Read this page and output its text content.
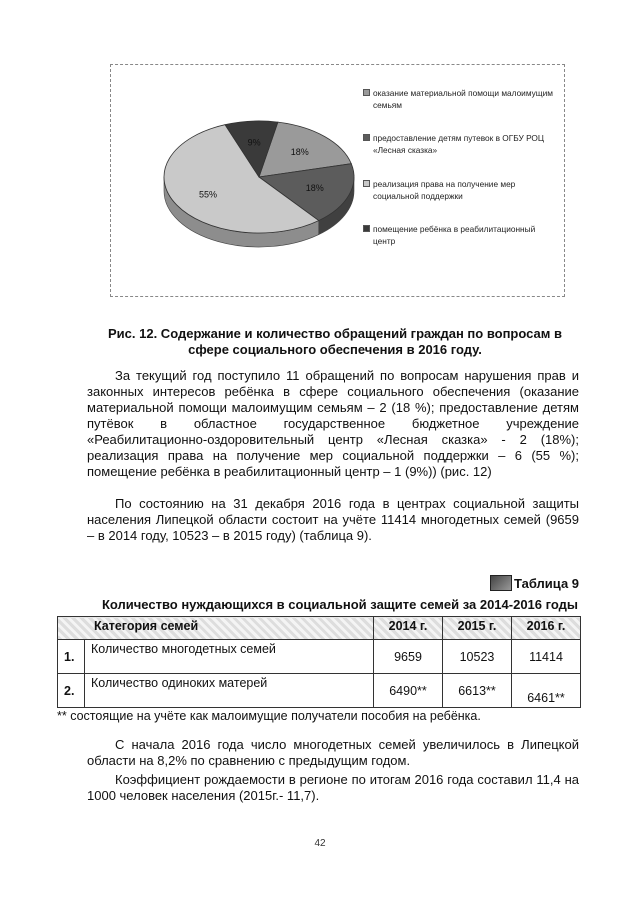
18%
18%
55%
9%
оказание материальной помощи малоимущим семьям
предоставление детям путевок в ОГБУ РОЦ «Лесная сказка»
реализация права на получение мер социальной поддержки
помещение ребёнка в реабилитационный центр
Рис. 12. Содержание и количество обращений граждан по вопросам в
сфере социального обеспечения в 2016 году.

За текущий год поступило 11 обращений по вопросам нарушения прав и законных интересов ребёнка в сфере социального обеспечения (оказание материальной помощи малоимущим семьям – 2 (18 %); предоставление детям путёвок в областное государственное бюджетное учреждение «Реабилитационно-оздоровительный центр «Лесная сказка» - 2 (18%); реализация права на получение мер социальной поддержки – 6 (55 %); помещение ребёнка в реабилитационный центр – 1 (9%)) (рис. 12)

По состоянию на 31 декабря 2016 года в центрах социальной защиты населения Липецкой области состоит на учёте 11414 многодетных семей (9659 – в 2014 году, 10523 – в 2015 году) (таблица 9).

Таблица 9
Количество нуждающихся в социальной защите семей за 2014-2016 годы
Категория семей		2014 г.	2015 г.	2016 г.
1.	Количество многодетных семей	9659	10523	11414
2.	Количество одиноких матерей	6490**	6613**	6461**
** состоящие на учёте как малоимущие получатели пособия на ребёнка.

С начала 2016 года число многодетных семей увеличилось в Липецкой области на 8,2% по сравнению с предыдущим годом.

Коэффициент рождаемости в регионе по итогам 2016 года составил 11,4 на 1000 человек населения (2015г.- 11,7).

42
